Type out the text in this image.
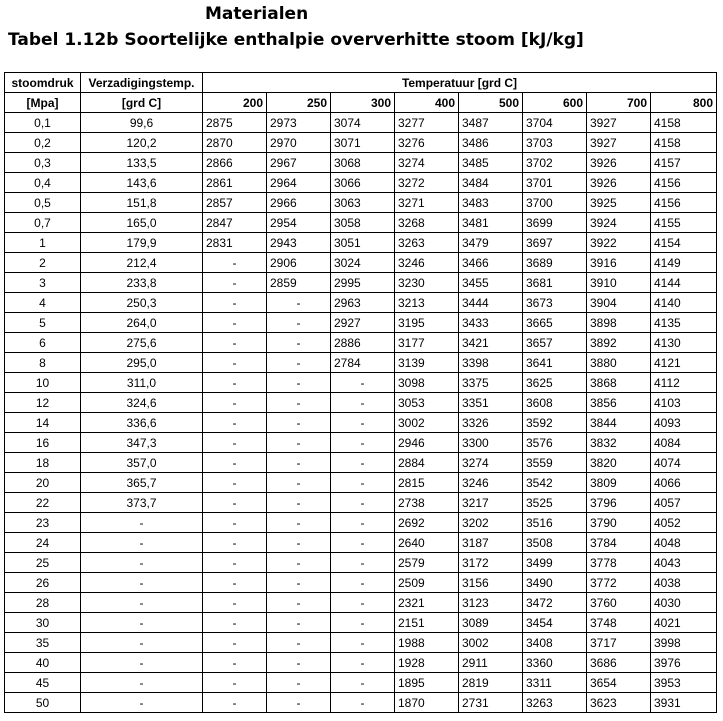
Materialen
Tabel 1.12b Soortelijke enthalpie oververhitte stoom [kJ/kg]
stoomdruk	Verzadigingstemp.	Temperatuur [grd C]							
[Mpa]	[grd C]	200	250	300	400	500	600	700	800
0,1	99,6	2875	2973	3074	3277	3487	3704	3927	4158
0,2	120,2	2870	2970	3071	3276	3486	3703	3927	4158
0,3	133,5	2866	2967	3068	3274	3485	3702	3926	4157
0,4	143,6	2861	2964	3066	3272	3484	3701	3926	4156
0,5	151,8	2857	2966	3063	3271	3483	3700	3925	4156
0,7	165,0	2847	2954	3058	3268	3481	3699	3924	4155
1	179,9	2831	2943	3051	3263	3479	3697	3922	4154
2	212,4	-	2906	3024	3246	3466	3689	3916	4149
3	233,8	-	2859	2995	3230	3455	3681	3910	4144
4	250,3	-	-	2963	3213	3444	3673	3904	4140
5	264,0	-	-	2927	3195	3433	3665	3898	4135
6	275,6	-	-	2886	3177	3421	3657	3892	4130
8	295,0	-	-	2784	3139	3398	3641	3880	4121
10	311,0	-	-	-	3098	3375	3625	3868	4112
12	324,6	-	-	-	3053	3351	3608	3856	4103
14	336,6	-	-	-	3002	3326	3592	3844	4093
16	347,3	-	-	-	2946	3300	3576	3832	4084
18	357,0	-	-	-	2884	3274	3559	3820	4074
20	365,7	-	-	-	2815	3246	3542	3809	4066
22	373,7	-	-	-	2738	3217	3525	3796	4057
23	-	-	-	-	2692	3202	3516	3790	4052
24	-	-	-	-	2640	3187	3508	3784	4048
25	-	-	-	-	2579	3172	3499	3778	4043
26	-	-	-	-	2509	3156	3490	3772	4038
28	-	-	-	-	2321	3123	3472	3760	4030
30	-	-	-	-	2151	3089	3454	3748	4021
35	-	-	-	-	1988	3002	3408	3717	3998
40	-	-	-	-	1928	2911	3360	3686	3976
45	-	-	-	-	1895	2819	3311	3654	3953
50	-	-	-	-	1870	2731	3263	3623	3931
